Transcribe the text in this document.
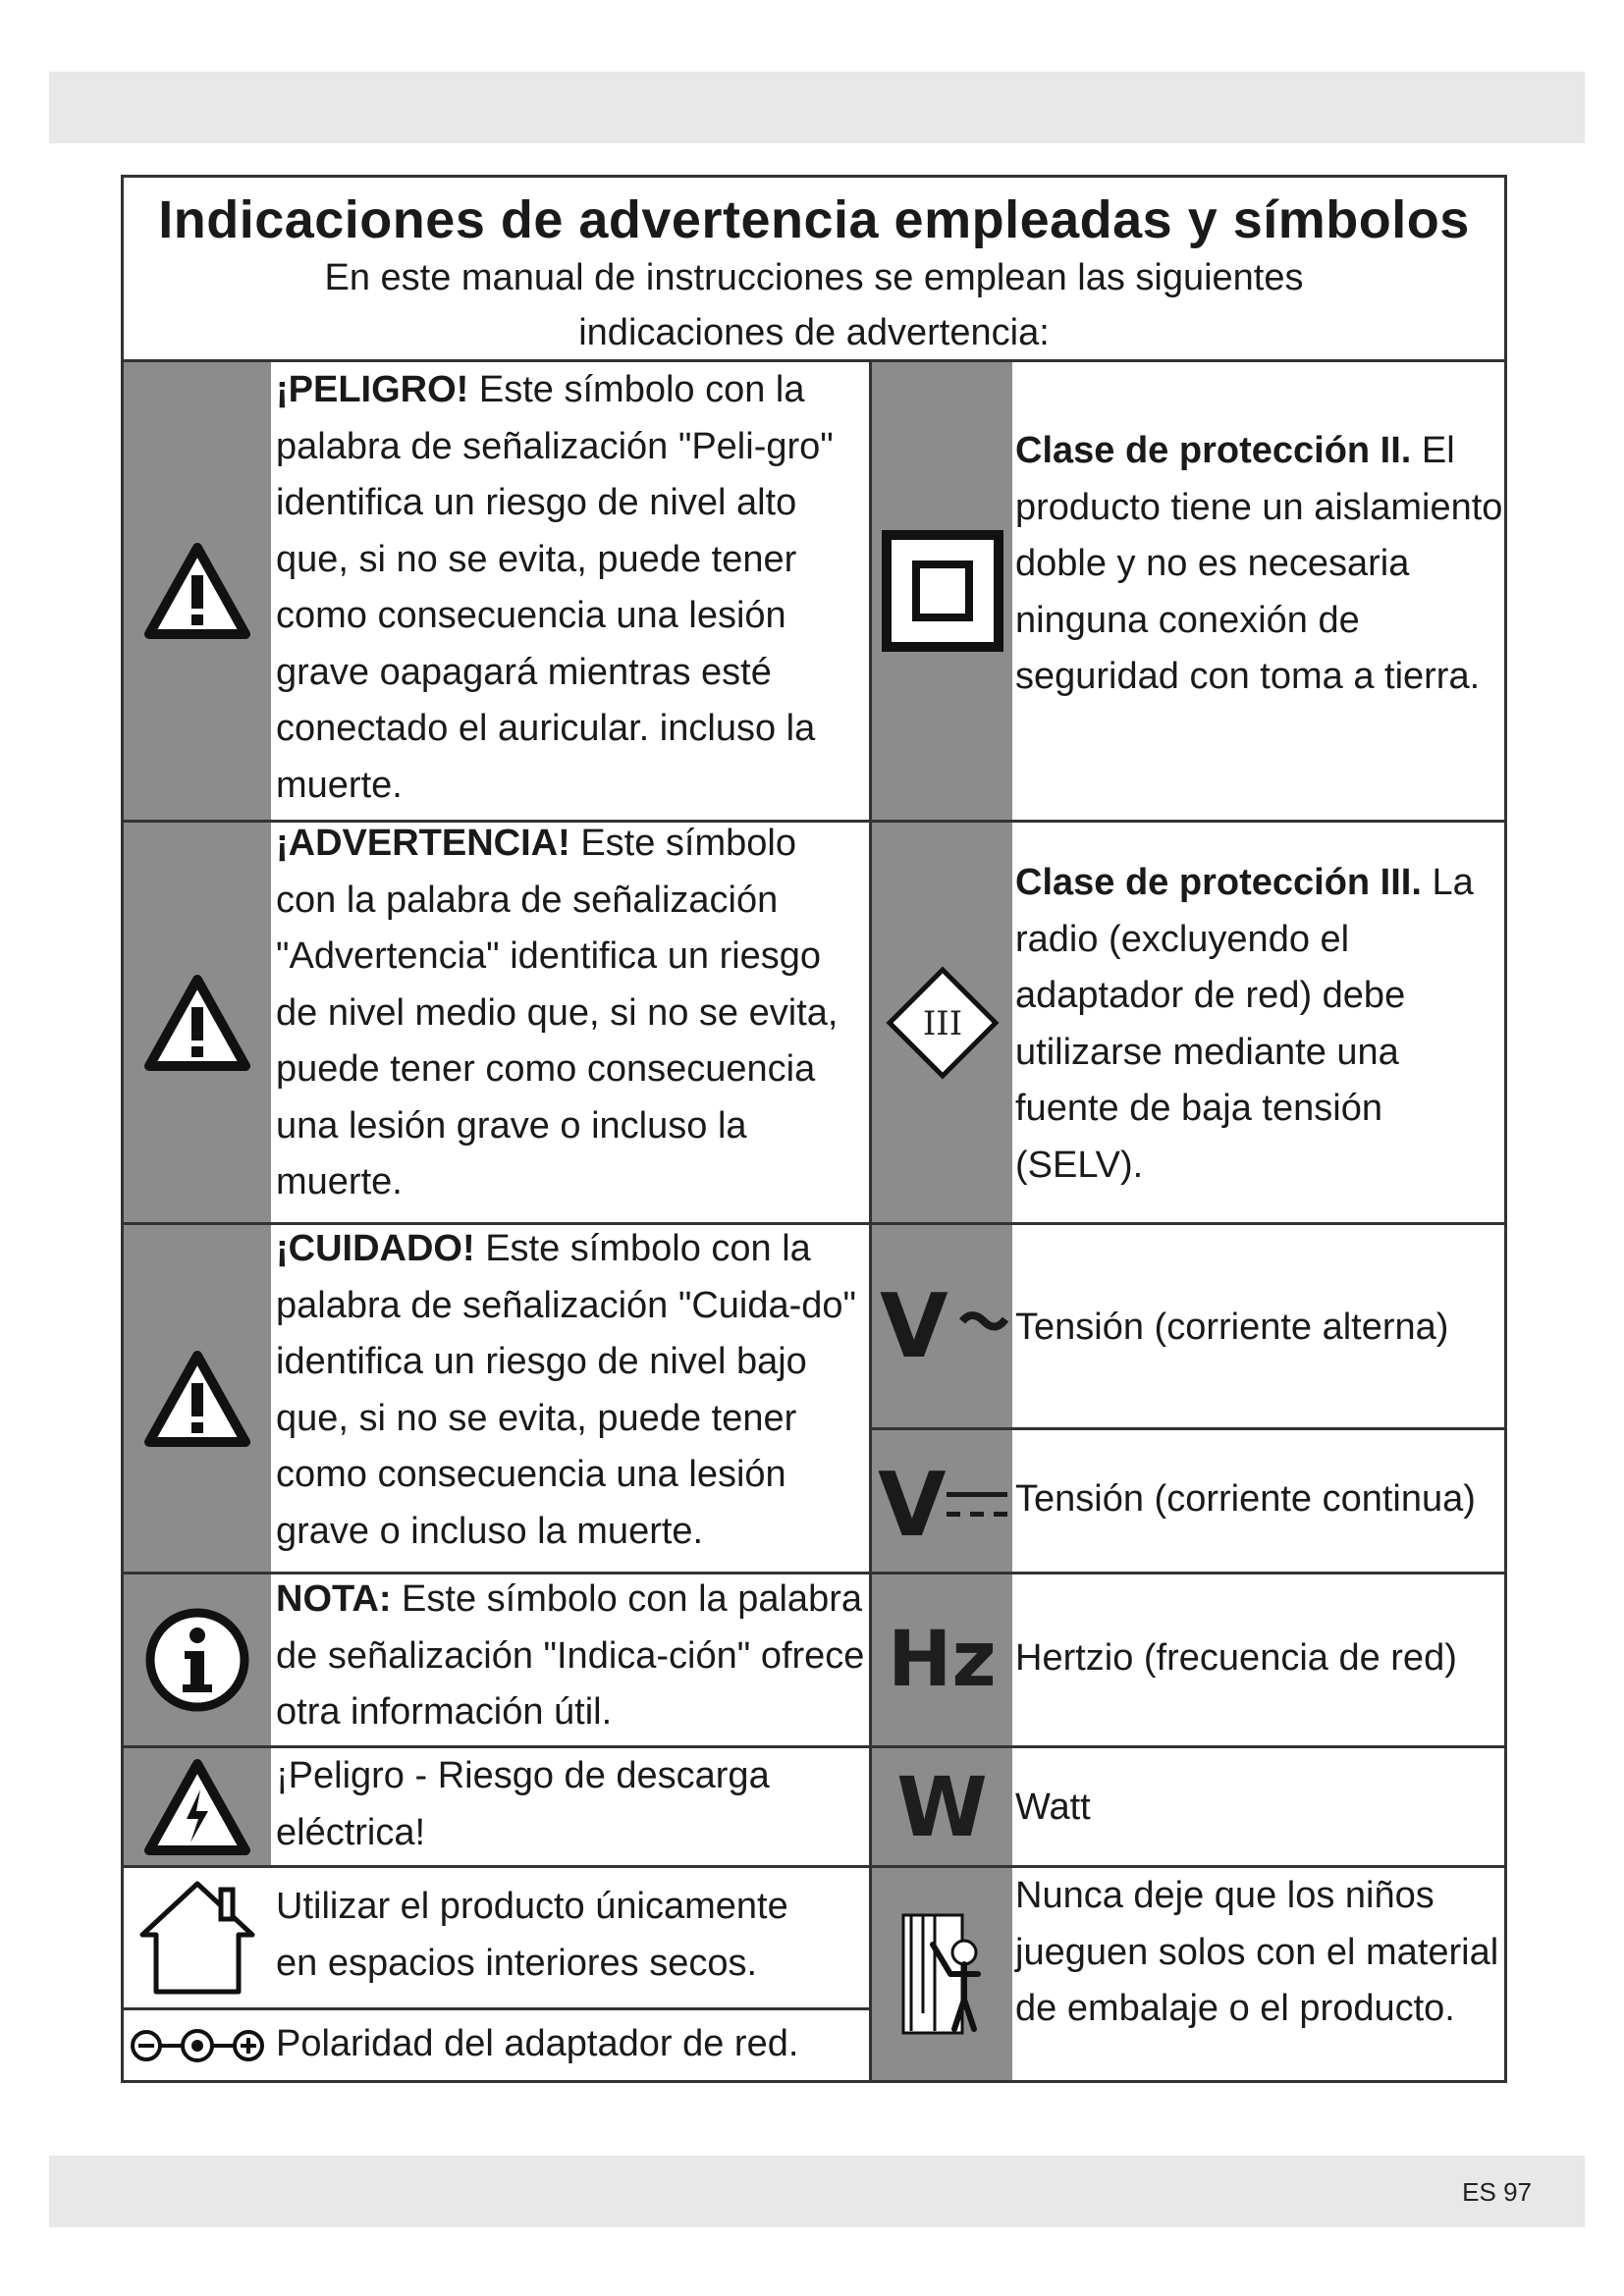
Indicaciones de advertencia empleadas y símbolos

En este manual de instrucciones se emplean las siguientes indicaciones de advertencia:

¡PELIGRO! Este símbolo con la palabra de señalización "Peli-gro" identifica un riesgo de nivel alto que, si no se evita, puede tener como consecuencia una lesión grave oapagará mientras esté conectado el auricular. incluso la muerte.
¡ADVERTENCIA! Este símbolo con la palabra de señalización "Advertencia" identifica un riesgo de nivel medio que, si no se evita, puede tener como consecuencia una lesión grave o incluso la muerte.
¡CUIDADO! Este símbolo con la palabra de señalización "Cuida-do" identifica un riesgo de nivel bajo que, si no se evita, puede tener como consecuencia una lesión grave o incluso la muerte.
NOTA: Este símbolo con la palabra de señalización "Indica-ción" ofrece otra información útil.
¡Peligro - Riesgo de descarga eléctrica!
Utilizar el producto únicamente en espacios interiores secos.
Polaridad del adaptador de red.
III
V
V
Hz
W
Clase de protección II. El producto tiene un aislamiento doble y no es necesaria ninguna conexión de seguridad con toma a tierra.
Clase de protección III. La radio (excluyendo el adaptador de red) debe utilizarse mediante una fuente de baja tensión (SELV).
Tensión (corriente alterna)
Tensión (corriente continua)
Hertzio (frecuencia de red)
Watt
Nunca deje que los niños jueguen solos con el material de embalaje o el producto.
ES 97
